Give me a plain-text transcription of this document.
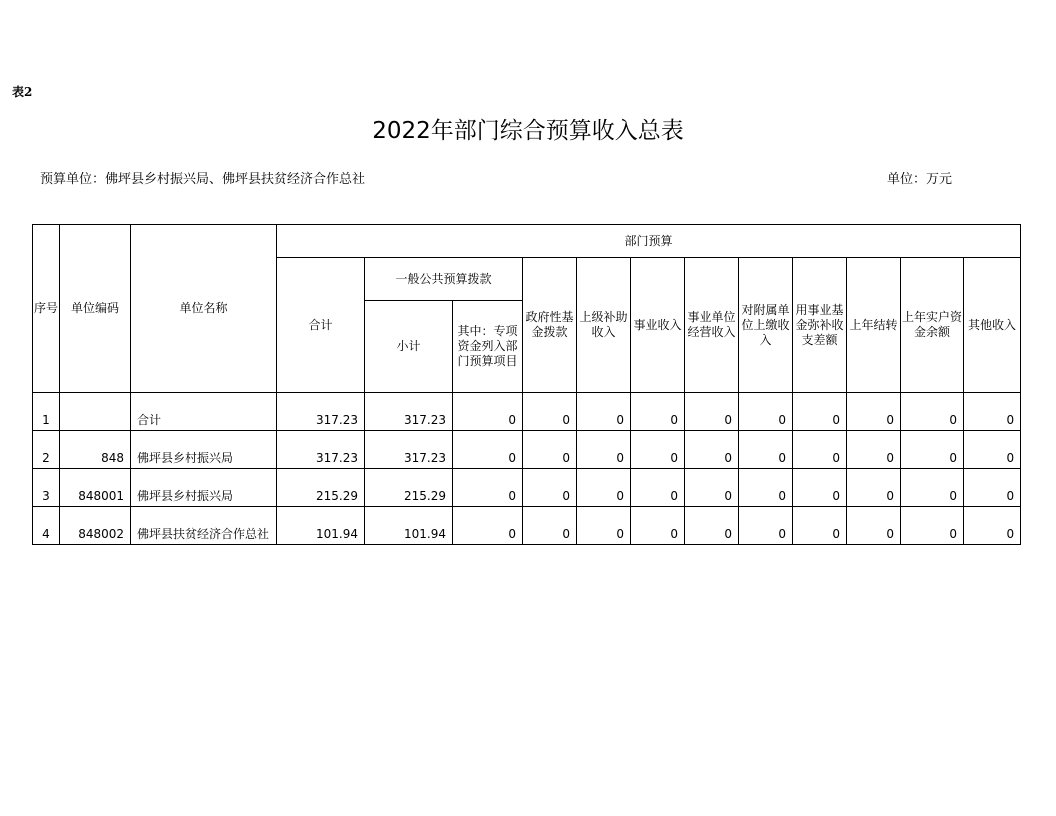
表2
2022年部门综合预算收入总表
预算单位：佛坪县乡村振兴局、佛坪县扶贫经济合作总社	单位：万元
序号	单位编码	单位名称	部门预算											
			合计	一般公共预算拨款		政府性基金拨款	上级补助收入	事业收入	事业单位经营收入	对附属单位上缴收入	用事业基金弥补收支差额	上年结转	上年实户资金余额	其他收入
				小计	其中：专项资金列入部门预算项目									
1		合计	317.23	317.23	0	0	0	0	0	0	0	0	0	0
2	848	佛坪县乡村振兴局	317.23	317.23	0	0	0	0	0	0	0	0	0	0
3	848001	佛坪县乡村振兴局	215.29	215.29	0	0	0	0	0	0	0	0	0	0
4	848002	佛坪县扶贫经济合作总社	101.94	101.94	0	0	0	0	0	0	0	0	0	0
